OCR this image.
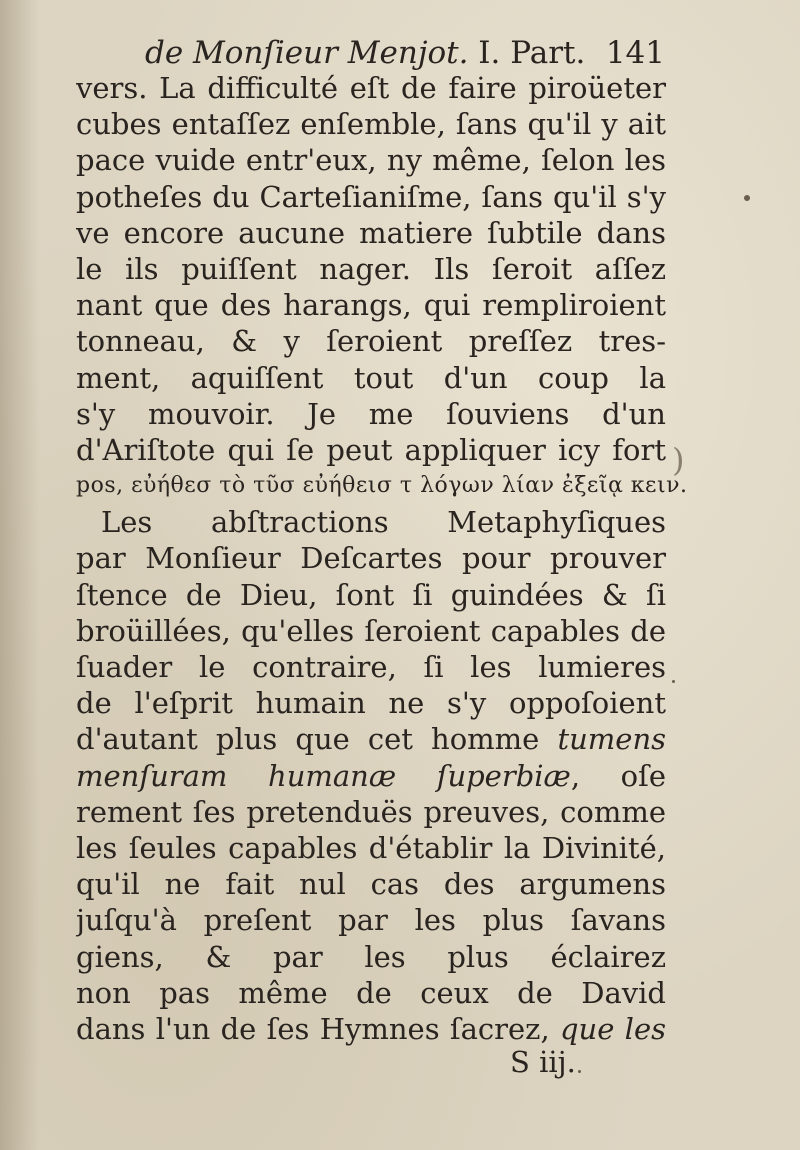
de Monſieur Menjot. I. Part. 141
vers. La difficulté eſt de faire piroüeter
cubes entaſſez enſemble, ſans qu'il y ait
pace vuide entr'eux, ny même, ſelon les
potheſes du Carteſianiſme, ſans qu'il s'y
ve encore aucune matiere ſubtile dans
le ils puiſſent nager. Ils ſeroit aſſez
nant que des harangs, qui rempliroient
tonneau, & y ſeroient preſſez tres-
ment, aquiſſent tout d'un coup la
s'y mouvoir. Je me ſouviens d'un
d'Ariſtote qui ſe peut appliquer icy fort
pos, εὐήθεσ τὸ τῦσ εὐήθεισ τ λόγων λίαν ἐξεῖᾳ κειν.
Les abſtractions Metaphyſiques
par Monſieur Deſcartes pour prouver
ſtence de Dieu, ſont ſi guindées & ſi
broüillées, qu'elles ſeroient capables de
ſuader le contraire, ſi les lumieres
de l'eſprit humain ne s'y oppoſoient
d'autant plus que cet homme tumens
menſuram humanæ ſuperbiæ, oſe
rement ſes pretenduës preuves, comme
les ſeules capables d'établir la Divinité,
qu'il ne fait nul cas des argumens
juſqu'à preſent par les plus ſavans
giens, & par les plus éclairez
non pas même de ceux de David
dans l'un de ſes Hymnes ſacrez, que les
S iij.
)
